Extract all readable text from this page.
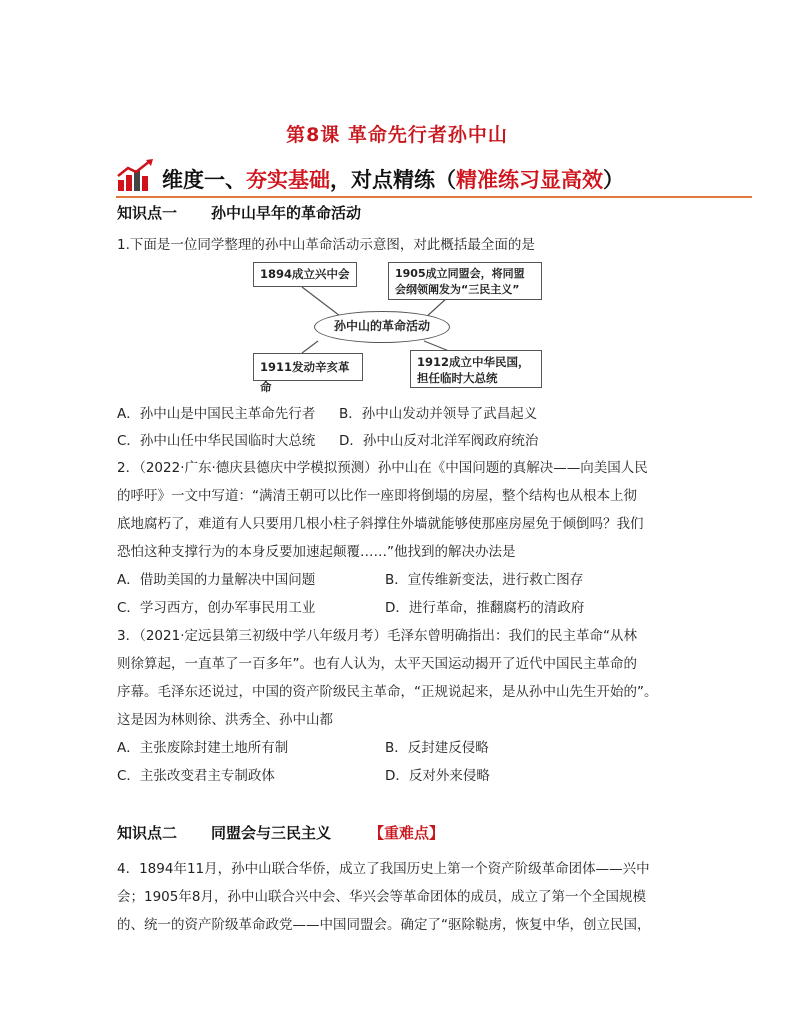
第8课 革命先行者孙中山
维度一、夯实基础，对点精练（精准练习显高效）
知识点一 孙中山早年的革命活动
1.下面是一位同学整理的孙中山革命活动示意图，对此概括最全面的是
1894成立兴中会	1905成立同盟会，将同盟
会纲领阐发为“三民主义”
孙中山的革命活动
1911发动辛亥革命
1912成立中华民国，
担任临时大总统
A．孙中山是中国民主革命先行者 B．孙中山发动并领导了武昌起义
C．孙中山任中华民国临时大总统 D．孙中山反对北洋军阀政府统治
2．（2022·广东·德庆县德庆中学模拟预测）孙中山在《中国问题的真解决——向美国人民
的呼吁》一文中写道：“满清王朝可以比作一座即将倒塌的房屋，整个结构也从根本上彻
底地腐朽了，难道有人只要用几根小柱子斜撑住外墙就能够使那座房屋免于倾倒吗？我们
恐怕这种支撑行为的本身反要加速起颠覆……”他找到的解决办法是
A．借助美国的力量解决中国问题	B．宣传维新变法，进行救亡图存
C．学习西方，创办军事民用工业	D．进行革命，推翻腐朽的清政府
3．（2021·定远县第三初级中学八年级月考）毛泽东曾明确指出：我们的民主革命“从林
则徐算起，一直革了一百多年”。也有人认为，太平天国运动揭开了近代中国民主革命的
序幕。毛泽东还说过，中国的资产阶级民主革命，“正规说起来，是从孙中山先生开始的”。
这是因为林则徐、洪秀全、孙中山都
A．主张废除封建土地所有制	B．反封建反侵略
C．主张改变君主专制政体	D．反对外来侵略
知识点二 同盟会与三民主义	【重难点】
4．1894年11月，孙中山联合华侨，成立了我国历史上第一个资产阶级革命团体——兴中
会；1905年8月，孙中山联合兴中会、华兴会等革命团体的成员，成立了第一个全国规模
的、统一的资产阶级革命政党——中国同盟会。确定了“驱除鞑虏，恢复中华，创立民国，
